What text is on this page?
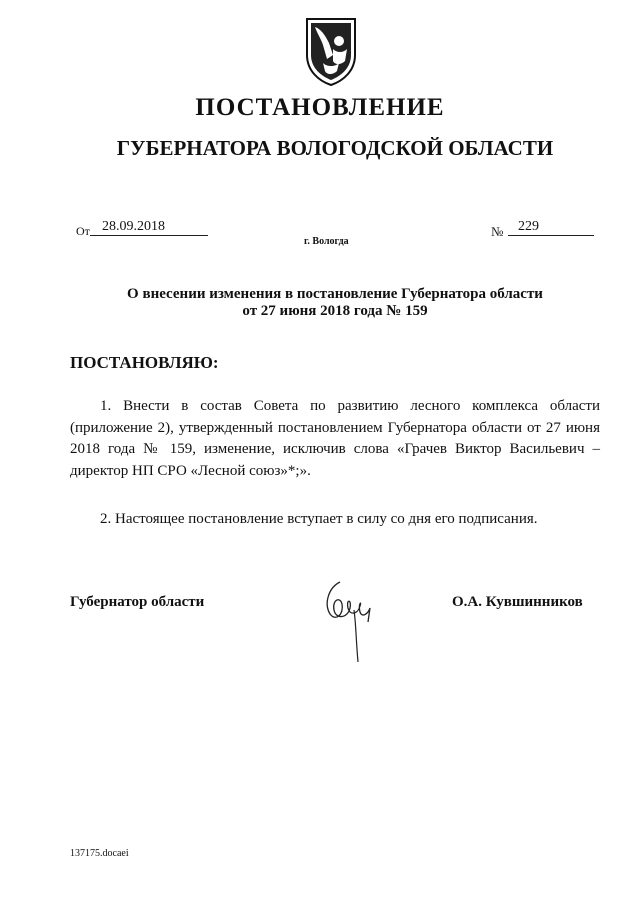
ПОСТАНОВЛЕНИЕ
ГУБЕРНАТОРА ВОЛОГОДСКОЙ ОБЛАСТИ
От 28.09.2018	№	229
г. Вологда
О внесении изменения в постановление Губернатора области
от 27 июня 2018 года № 159
ПОСТАНОВЛЯЮ:
1. Внести в состав Совета по развитию лесного комплекса области (приложение 2), утвержденный постановлением Губернатора области от 27 июня 2018 года № 159, изменение, исключив слова «Грачев Виктор Васильевич – директор НП СРО «Лесной союз»*;».
2. Настоящее постановление вступает в силу со дня его подписания.
Губернатор области	О.А. Кувшинников
137175.docaei
